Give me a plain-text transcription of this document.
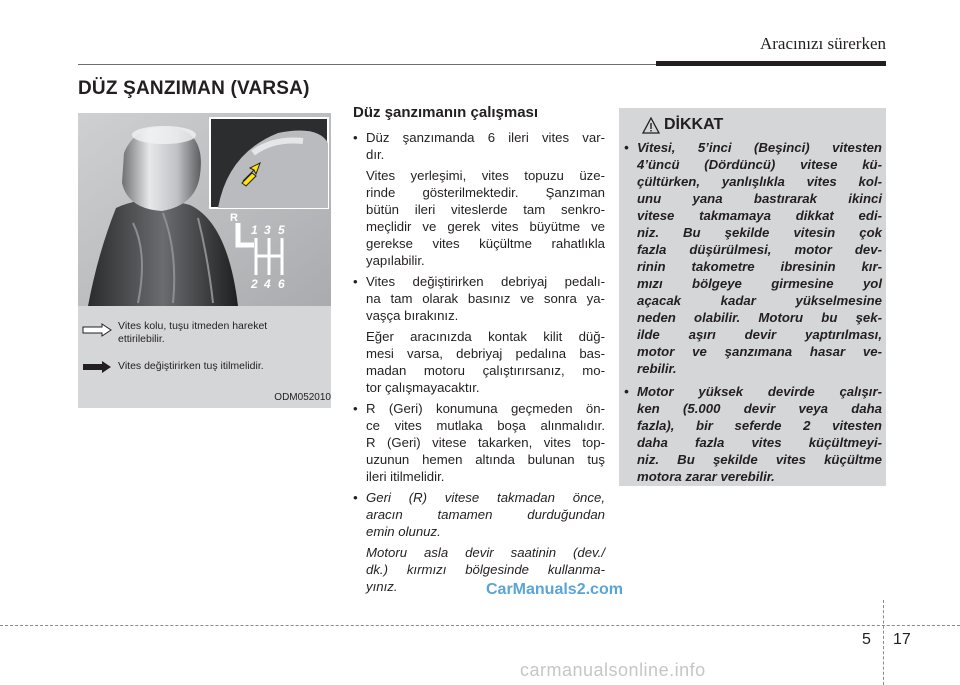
Aracınızı sürerken
DÜZ ŞANZIMAN (VARSA)
R
1 3 5
2 4 6
Vites kolu, tuşu itmeden hareket
ettirilebilir.
Vites değiştirirken tuş itilmelidir.
ODM052010
Düz şanzımanın çalışması
• Düz şanzımanda 6 ileri vites var-
dır.
Vites yerleşimi, vites topuzu üze-
rinde gösterilmektedir. Şanzıman
bütün ileri viteslerde tam senkro-
meçlidir ve gerek vites büyütme ve
gerekse vites küçültme rahatlıkla
yapılabilir.
• Vites değiştirirken debriyaj pedalı-
na tam olarak basınız ve sonra ya-
vaşça bırakınız.
Eğer aracınızda kontak kilit düğ-
mesi varsa, debriyaj pedalına bas-
madan motoru çalıştırırsanız, mo-
tor çalışmayacaktır.
• R (Geri) konumuna geçmeden ön-
ce vites mutlaka boşa alınmalıdır.
R (Geri) vitese takarken, vites top-
uzunun hemen altında bulunan tuş
ileri itilmelidir.
• Geri (R) vitese takmadan önce,
aracın tamamen durduğundan
emin olunuz.
Motoru asla devir saatinin (dev./
dk.) kırmızı bölgesinde kullanma-
yınız.
DİKKAT
• Vitesi, 5’inci (Beşinci) vitesten
4’üncü (Dördüncü) vitese kü-
çültürken, yanlışlıkla vites kol-
unu yana bastırarak ikinci
vitese takmamaya dikkat edi-
niz. Bu şekilde vitesin çok
fazla düşürülmesi, motor dev-
rinin takometre ibresinin kır-
mızı bölgeye girmesine yol
açacak kadar yükselmesine
neden olabilir. Motoru bu şek-
ilde aşırı devir yaptırılması,
motor ve şanzımana hasar ve-
rebilir.
• Motor yüksek devirde çalışır-
ken (5.000 devir veya daha
fazla), bir seferde 2 vitesten
daha fazla vites küçültmeyi-
niz. Bu şekilde vites küçültme
motora zarar verebilir.
CarManuals2.com
5 17
carmanualsonline.info
